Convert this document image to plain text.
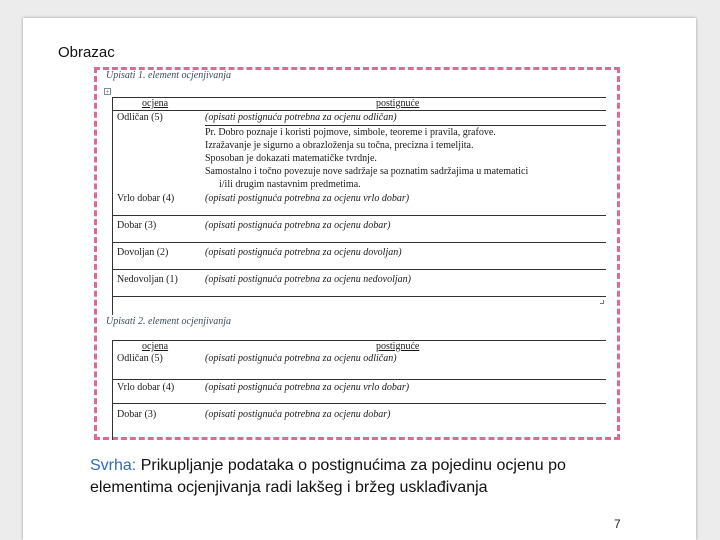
Obrazac
Upisati 1. element ocjenjivanja
+
ocjena	postignuće
Odličan (5)	(opisati postignuća potrebna za ocjenu odličan)
Pr. Dobro poznaje i koristi pojmove, simbole, teoreme i pravila, grafove.
Izražavanje je sigurno a obrazloženja su točna, precizna i temeljita.
Sposoban je dokazati matematičke tvrdnje.
Samostalno i točno povezuje nove sadržaje sa poznatim sadržajima u matematici
i/ili drugim nastavnim predmetima.
Vrlo dobar (4)	(opisati postignuća potrebna za ocjenu vrlo dobar)
Dobar (3)	(opisati postignuća potrebna za ocjenu dobar)
Dovoljan (2)	(opisati postignuća potrebna za ocjenu dovoljan)
Nedovoljan (1)	(opisati postignuća potrebna za ocjenu nedovoljan)
Upisati 2. element ocjenjivanja
ocjena	postignuće
Odličan (5)	(opisati postignuća potrebna za ocjenu odličan)
Vrlo dobar (4)	(opisati postignuća potrebna za ocjenu vrlo dobar)
Dobar (3)	(opisati postignuća potrebna za ocjenu dobar)
Svrha: Prikupljanje podataka o postignućima za pojedinu ocjenu po elementima ocjenjivanja radi lakšeg i bržeg usklađivanja
7
